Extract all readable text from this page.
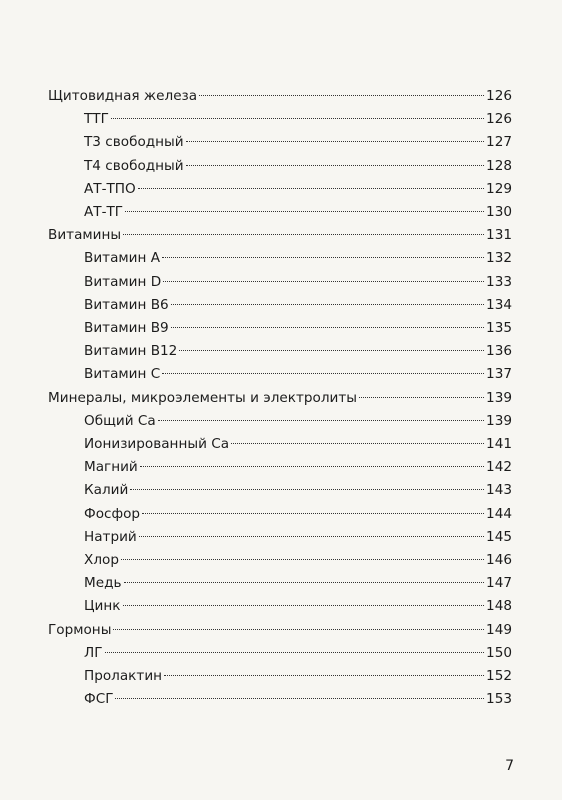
Щитовидная железа	126
ТТГ	126
Т3 свободный	127
Т4 свободный	128
АТ-ТПО	129
АТ-ТГ	130
Витамины	131
Витамин А	132
Витамин D	133
Витамин В6	134
Витамин В9	135
Витамин В12	136
Витамин С	137
Минералы, микроэлементы и электролиты	139
Общий Са	139
Ионизированный Са	141
Магний	142
Калий	143
Фосфор	144
Натрий	145
Хлор	146
Медь	147
Цинк	148
Гормоны	149
ЛГ	150
Пролактин	152
ФСГ	153
7
